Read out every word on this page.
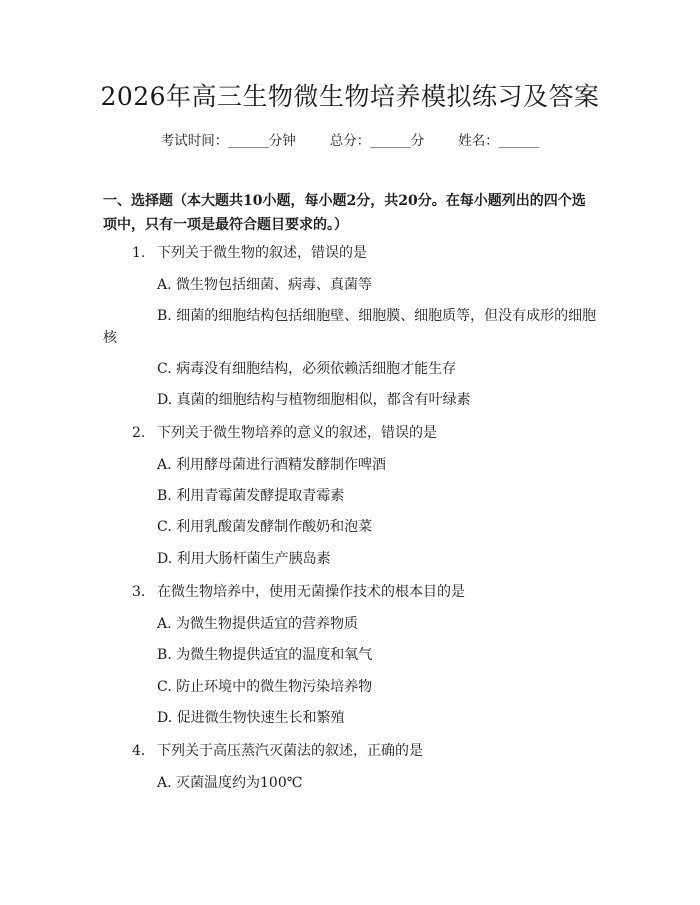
2026年高三生物微生物培养模拟练习及答案
考试时间：______分钟	总分：______分	姓名：______
一、选择题（本大题共10小题，每小题2分，共20分。在每小题列出的四个选
项中，只有一项是最符合题目要求的。）
1. 下列关于微生物的叙述，错误的是
A. 微生物包括细菌、病毒、真菌等
B. 细菌的细胞结构包括细胞壁、细胞膜、细胞质等，但没有成形的细胞
核
C. 病毒没有细胞结构，必须依赖活细胞才能生存
D. 真菌的细胞结构与植物细胞相似，都含有叶绿素
2. 下列关于微生物培养的意义的叙述，错误的是
A. 利用酵母菌进行酒精发酵制作啤酒
B. 利用青霉菌发酵提取青霉素
C. 利用乳酸菌发酵制作酸奶和泡菜
D. 利用大肠杆菌生产胰岛素
3. 在微生物培养中，使用无菌操作技术的根本目的是
A. 为微生物提供适宜的营养物质
B. 为微生物提供适宜的温度和氧气
C. 防止环境中的微生物污染培养物
D. 促进微生物快速生长和繁殖
4. 下列关于高压蒸汽灭菌法的叙述，正确的是
A. 灭菌温度约为100℃
